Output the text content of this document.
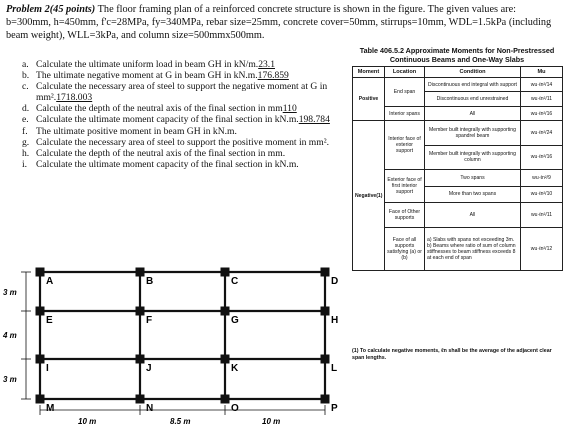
Problem 2(45 points) The floor framing plan of a reinforced concrete structure is shown in the figure. The given values are: b=300mm, h=450mm, f'c=28MPa, fy=340MPa, rebar size=25mm, concrete cover=50mm, stirrups=10mm, WDL=1.5kPa (including beam weight), WLL=3kPa, and column size=500mmx500mm.
a. Calculate the ultimate uniform load in beam GH in kN/m.23.1
b. The ultimate negative moment at G in beam GH in kN.m.176.859
c. Calculate the necessary area of steel to support the negative moment at G in mm².1718.003
d. Calculate the depth of the neutral axis of the final section in mm110
e. Calculate the ultimate moment capacity of the final section in kN.m.198.784
f. The ultimate positive moment in beam GH in kN.m.
g. Calculate the necessary area of steel to support the positive moment in mm².
h. Calculate the depth of the neutral axis of the final section in mm.
i. Calculate the ultimate moment capacity of the final section in kN.m.
Table 406.5.2 Approximate Moments for Non-Prestressed Continuous Beams and One-Way Slabs
Moment	Location	Condition	Mu
Positive	End span	Discontinuous end integral with support	wu·ℓn²/14
		Discontinuous end unrestrained	wu·ℓn²/11
	Interior spans	All	wu·ℓn²/16
Negative(1)	Interior face of exterior support	Member built integrally with supporting spandrel beam	wu·ℓn²/24
		Member built integrally with supporting column	wu·ℓn²/16
	Exterior face of first interior support	Two spans	wu·ℓn²/9
		More than two spans	wu·ℓn²/10
	Face of Other supports	All	wu·ℓn²/11
	Face of all supports satisfying (a) or (b)	a) Slabs with spans not exceeding 3m. b) Beams where ratio of sum of column stiffnesses to beam stiffness exceeds 8 at each end of span	wu·ℓn²/12
(1) To calculate negative moments, ℓn shall be the average of the adjacent clear span lengths.
A	B	C	D
E	F	G	H
I	J	K	L
M	N	O	P
3 m
4 m
3 m
10 m	8.5 m	10 m
